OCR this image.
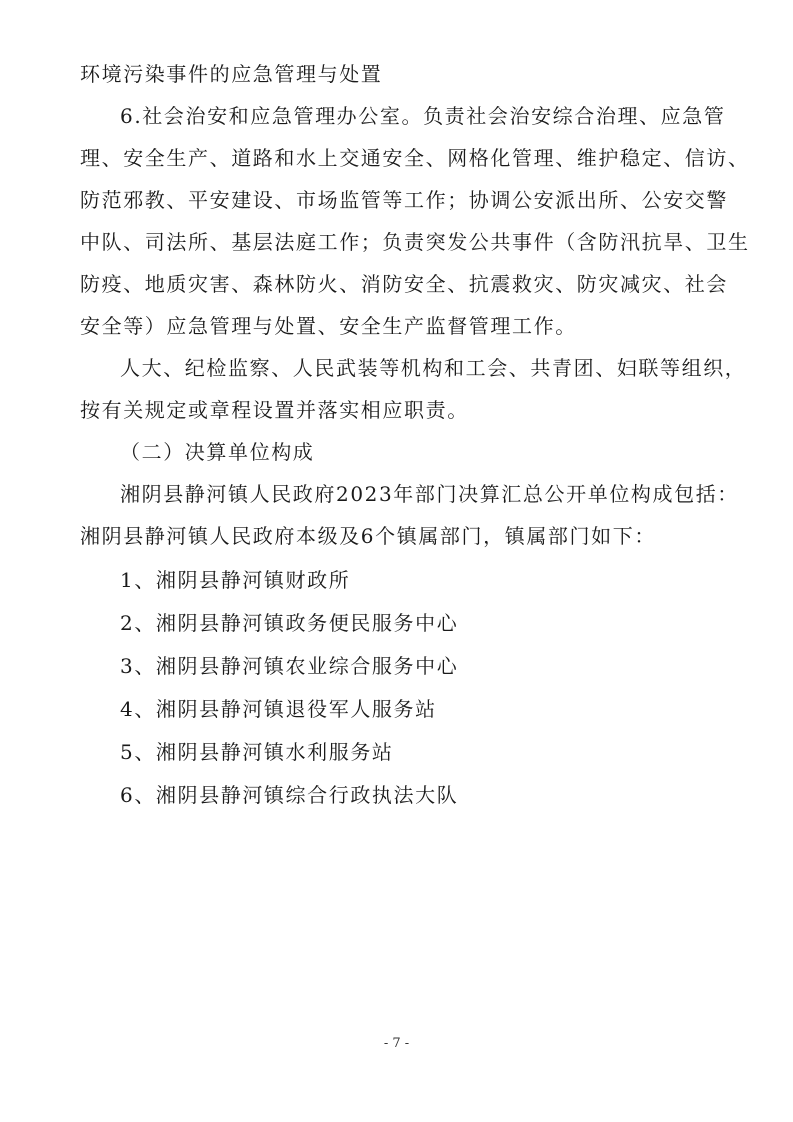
环境污染事件的应急管理与处置
6.社会治安和应急管理办公室。负责社会治安综合治理、应急管
理、安全生产、道路和水上交通安全、网格化管理、维护稳定、信访、
防范邪教、平安建设、市场监管等工作；协调公安派出所、公安交警
中队、司法所、基层法庭工作；负责突发公共事件（含防汛抗旱、卫生
防疫、地质灾害、森林防火、消防安全、抗震救灾、防灾减灾、社会
安全等）应急管理与处置、安全生产监督管理工作。
人大、纪检监察、人民武装等机构和工会、共青团、妇联等组织，
按有关规定或章程设置并落实相应职责。
（二）决算单位构成
湘阴县静河镇人民政府2023年部门决算汇总公开单位构成包括：
湘阴县静河镇人民政府本级及6个镇属部门，镇属部门如下：
1、湘阴县静河镇财政所
2、湘阴县静河镇政务便民服务中心
3、湘阴县静河镇农业综合服务中心
4、湘阴县静河镇退役军人服务站
5、湘阴县静河镇水利服务站
6、湘阴县静河镇综合行政执法大队
- 7 -
